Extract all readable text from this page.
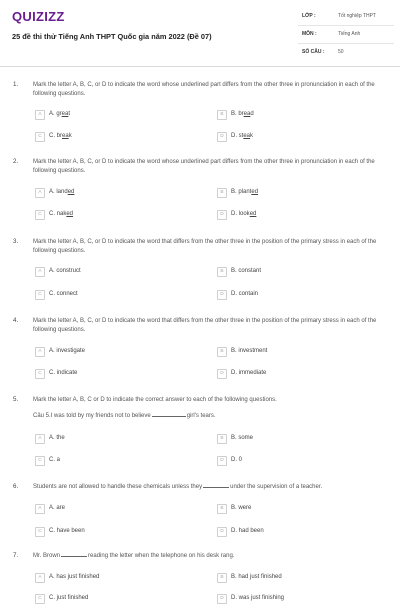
QUIZIZZ
25 đề thi thử Tiếng Anh THPT Quốc gia năm 2022 (Đề 07)
LỚP :	Tốt nghiệp THPT
MÔN :	Tiếng Anh
SỐ CÂU :	50
1. Mark the letter A, B, C, or D to indicate the word whose underlined part differs from the other three in pronunciation in each of the following questions.
A	A. great	B	B. bread
C	C. break	D	D. steak
2. Mark the letter A, B, C, or D to indicate the word whose underlined part differs from the other three in pronunciation in each of the following questions.
A	A. landed	B	B. planted
C	C. naked	D	D. looked
3. Mark the letter A, B, C, or D to indicate the word that differs from the other three in the position of the primary stress in each of the following questions.
A	A. construct	B	B. constant
C	C. connect	D	D. contain
4. Mark the letter A, B, C, or D to indicate the word that differs from the other three in the position of the primary stress in each of the following questions.
A	A. investigate	B	B. investment
C	C. indicate	D	D. immediate
5. Mark the letter A, B, C or D to indicate the correct answer to each of the following questions.
Câu 5.I was told by my friends not to believe	girl's tears.
A	A. the	B	B. some
C	C. a	D	D. 0
6. Students are not allowed to handle these chemicals unless they	under the supervision of a teacher.
A	A. are	B	B. were
C	C. have been	D	D. had been
7. Mr. Brown	reading the letter when the telephone on his desk rang.
A	A. has just finished	B	B. had just finished
C	C. just finished	D	D. was just finishing
